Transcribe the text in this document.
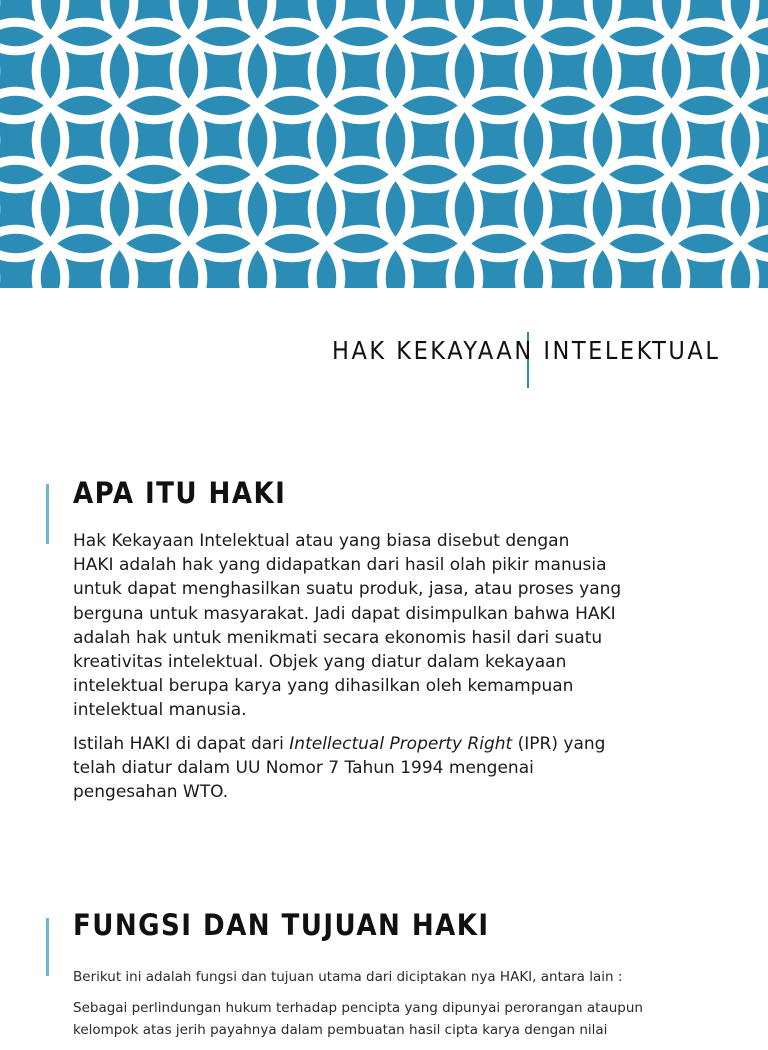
HAK KEKAYAAN INTELEKTUAL
APA ITU HAKI

Hak Kekayaan Intelektual atau yang biasa disebut dengan
HAKI adalah hak yang didapatkan dari hasil olah pikir manusia
untuk dapat menghasilkan suatu produk, jasa, atau proses yang
berguna untuk masyarakat. Jadi dapat disimpulkan bahwa HAKI
adalah hak untuk menikmati secara ekonomis hasil dari suatu
kreativitas intelektual. Objek yang diatur dalam kekayaan
intelektual berupa karya yang dihasilkan oleh kemampuan
intelektual manusia.

Istilah HAKI di dapat dari Intellectual Property Right (IPR) yang
telah diatur dalam UU Nomor 7 Tahun 1994 mengenai
pengesahan WTO.

FUNGSI DAN TUJUAN HAKI

Berikut ini adalah fungsi dan tujuan utama dari diciptakan nya HAKI, antara lain :

Sebagai perlindungan hukum terhadap pencipta yang dipunyai perorangan ataupun
kelompok atas jerih payahnya dalam pembuatan hasil cipta karya dengan nilai
